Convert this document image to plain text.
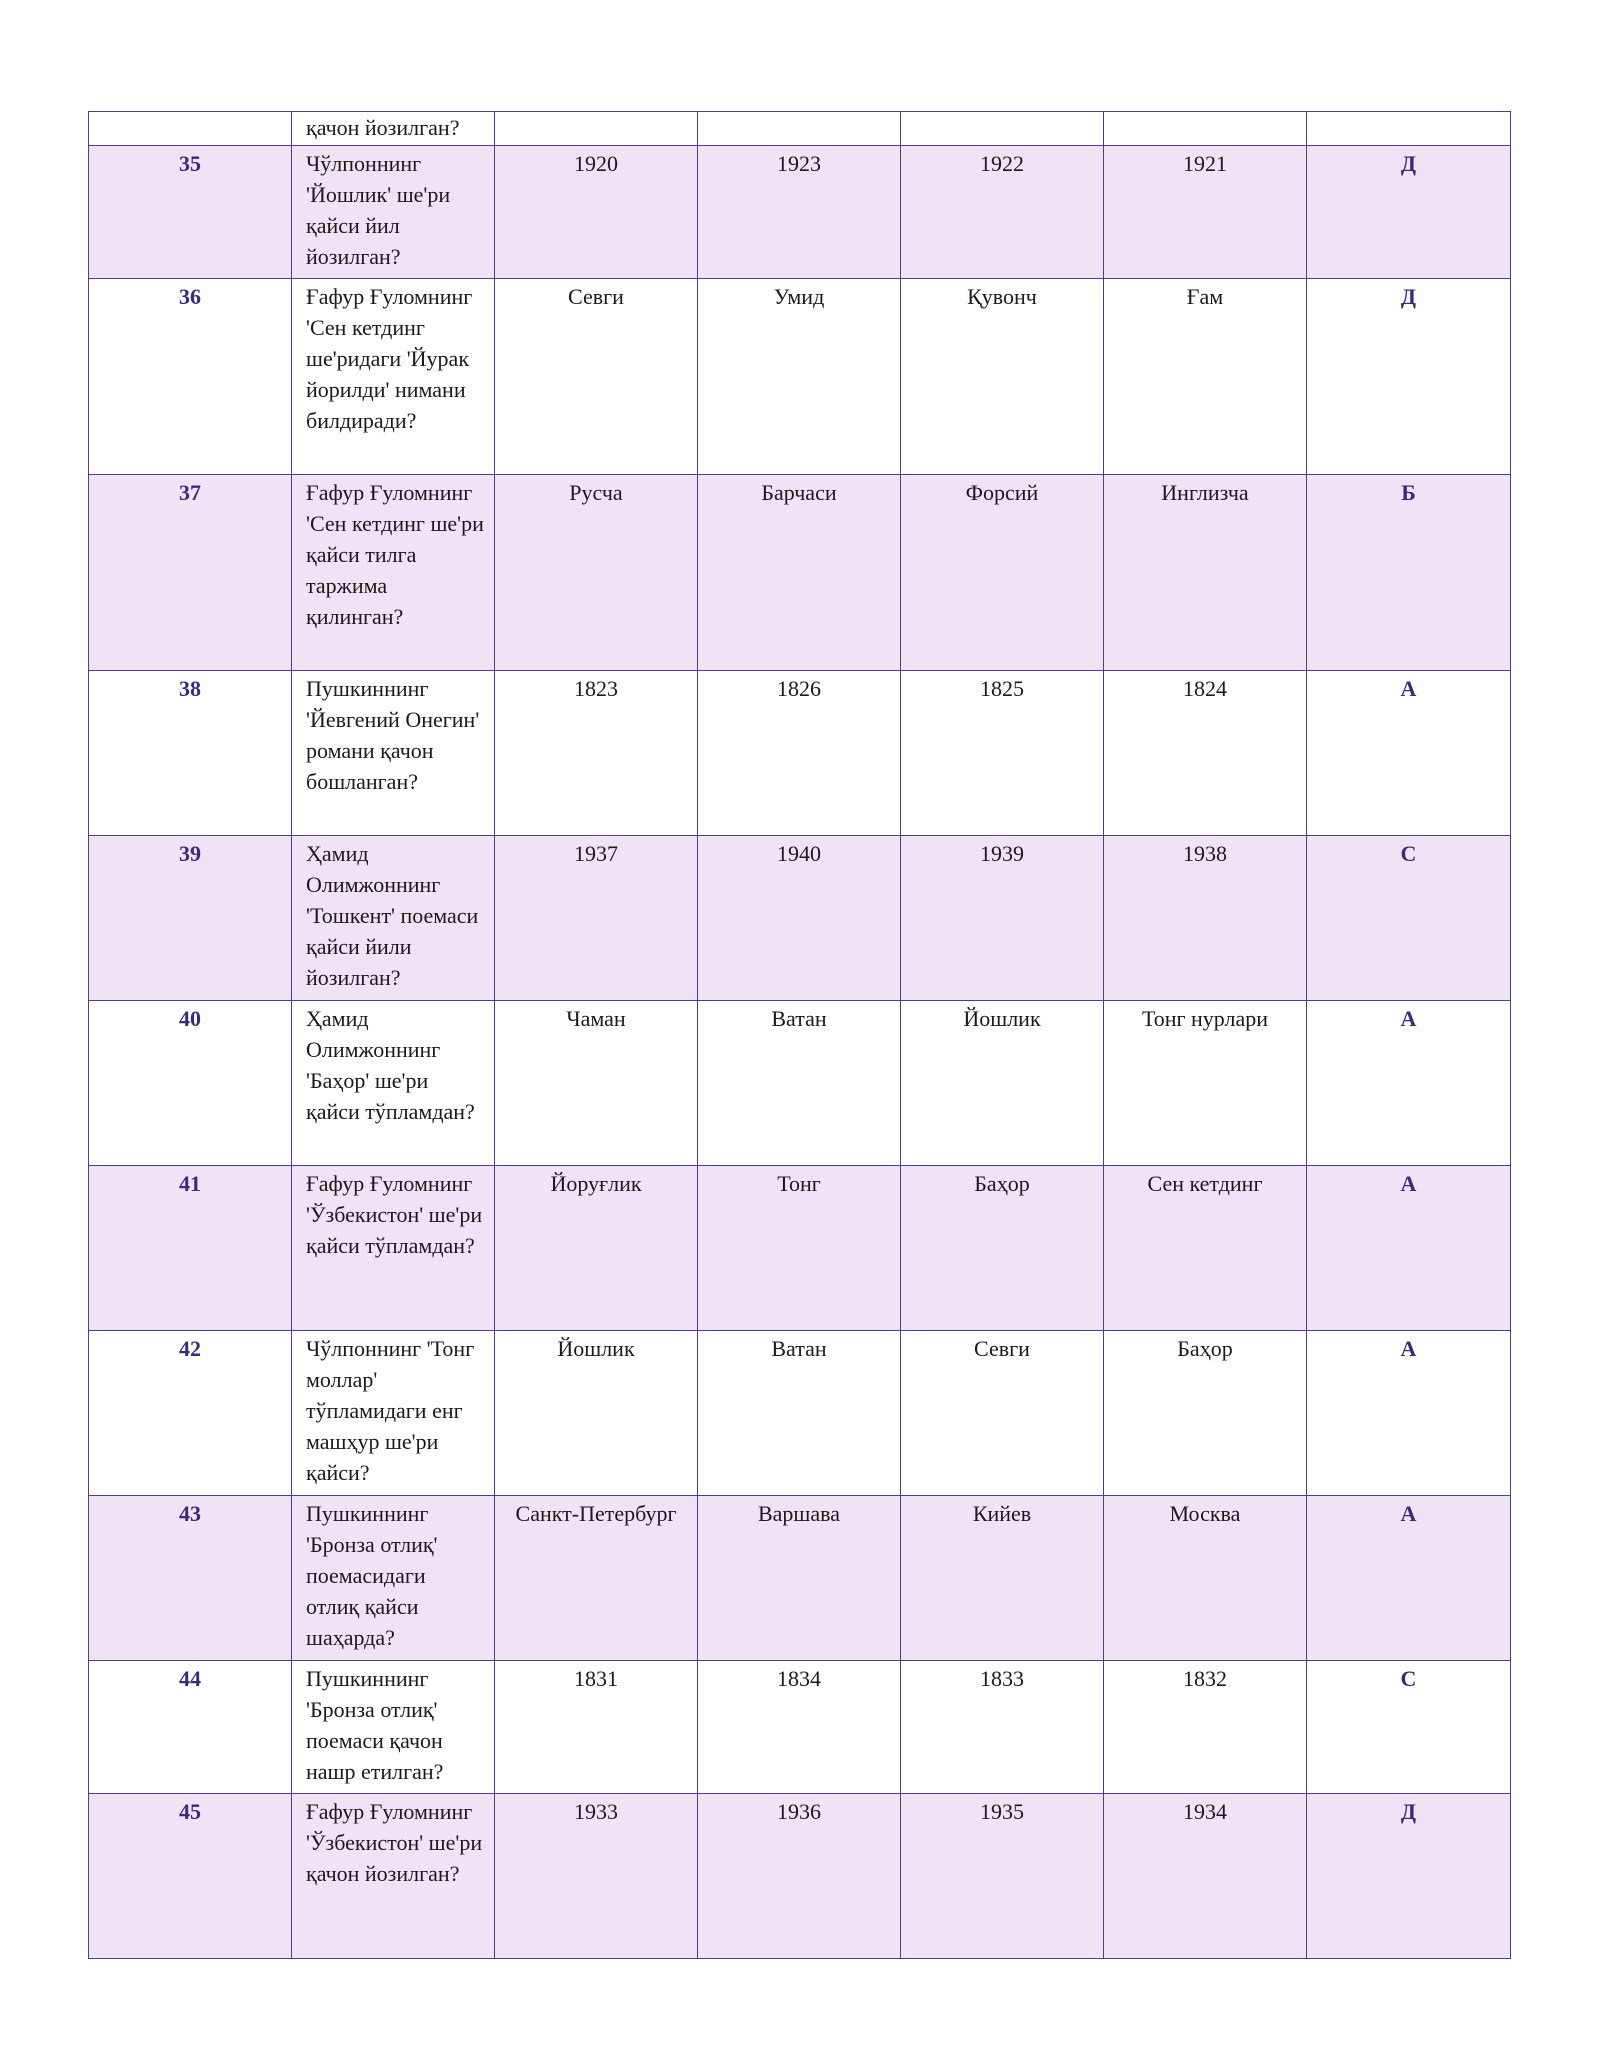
	қачон йозилган?					
35	Чўлпоннинг 'Йошлик' ше'ри қайси йил йозилган?	1920	1923	1922	1921	Д
36	Ғафур Ғуломнинг 'Сен кетдинг ше'ридаги 'Йурак йорилди' нимани билдиради?	Севги	Умид	Қувонч	Ғам	Д
37	Ғафур Ғуломнинг 'Сен кетдинг ше'ри қайси тилга таржима қилинган?	Русча	Барчаси	Форсий	Инглизча	Б
38	Пушкиннинг 'Йевгений Онегин' романи қачон бошланган?	1823	1826	1825	1824	А
39	Ҳамид Олимжоннинг 'Тошкент' поемаси қайси йили йозилган?	1937	1940	1939	1938	С
40	Ҳамид Олимжоннинг 'Баҳор' ше'ри қайси тўпламдан?	Чаман	Ватан	Йошлик	Тонг нурлари	А
41	Ғафур Ғуломнинг 'Ўзбекистон' ше'ри қайси тўпламдан?	Йоруғлик	Тонг	Баҳор	Сен кетдинг	А
42	Чўлпоннинг 'Тонг моллар' тўпламидаги енг машҳур ше'ри қайси?	Йошлик	Ватан	Севги	Баҳор	А
43	Пушкиннинг 'Бронза отлиқ' поемасидаги отлиқ қайси шаҳарда?	Санкт-Петербург	Варшава	Кийев	Москва	А
44	Пушкиннинг 'Бронза отлиқ' поемаси қачон нашр етилган?	1831	1834	1833	1832	С
45	Ғафур Ғуломнинг 'Ўзбекистон' ше'ри қачон йозилган?	1933	1936	1935	1934	Д
